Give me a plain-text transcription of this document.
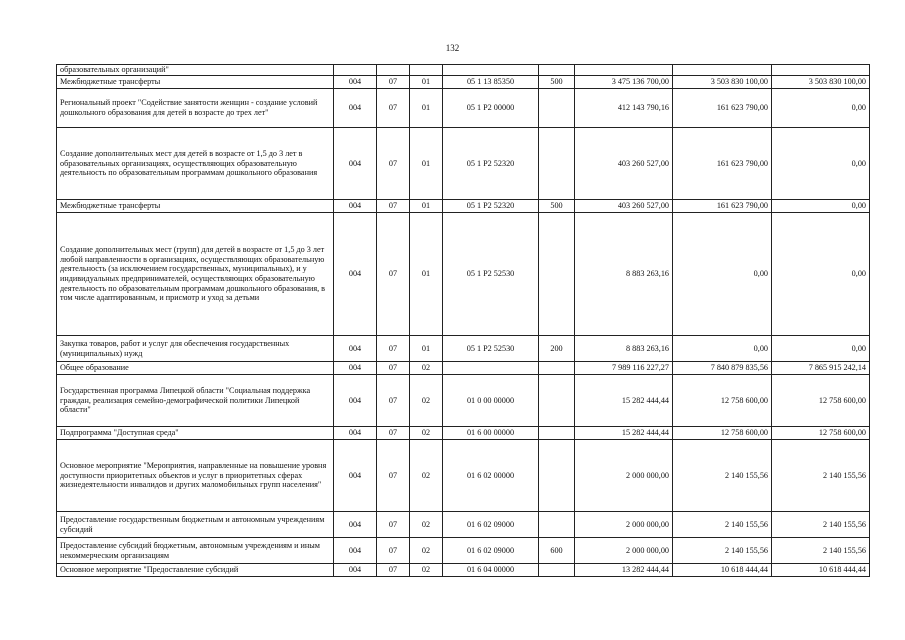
132
образовательных организаций"								
Межбюджетные трансферты	004	07	01	05 1 13 85350	500	3 475 136 700,00	3 503 830 100,00	3 503 830 100,00
Региональный проект "Содействие занятости женщин - создание условий дошкольного образования для детей в возрасте до трех лет"	004	07	01	05 1 P2 00000		412 143 790,16	161 623 790,00	0,00
Создание дополнительных мест для детей в возрасте от 1,5 до 3 лет в образовательных организациях, осуществляющих образовательную деятельность по образовательным программам дошкольного образования	004	07	01	05 1 P2 52320		403 260 527,00	161 623 790,00	0,00
Межбюджетные трансферты	004	07	01	05 1 P2 52320	500	403 260 527,00	161 623 790,00	0,00
Создание дополнительных мест (групп) для детей в возрасте от 1,5 до 3 лет любой направленности в организациях, осуществляющих образовательную деятельность (за исключением государственных, муниципальных), и у индивидуальных предпринимателей, осуществляющих образовательную деятельность по образовательным программам дошкольного образования, в том числе адаптированным, и присмотр и уход за детьми	004	07	01	05 1 P2 52530		8 883 263,16	0,00	0,00
Закупка товаров, работ и услуг для обеспечения государственных (муниципальных) нужд	004	07	01	05 1 P2 52530	200	8 883 263,16	0,00	0,00
Общее образование	004	07	02			7 989 116 227,27	7 840 879 835,56	7 865 915 242,14
Государственная программа Липецкой области "Социальная поддержка граждан, реализация семейно-демографической политики Липецкой области"	004	07	02	01 0 00 00000		15 282 444,44	12 758 600,00	12 758 600,00
Подпрограмма "Доступная среда"	004	07	02	01 6 00 00000		15 282 444,44	12 758 600,00	12 758 600,00
Основное мероприятие "Мероприятия, направленные на повышение уровня доступности приоритетных объектов и услуг в приоритетных сферах жизнедеятельности инвалидов и других маломобильных групп населения"	004	07	02	01 6 02 00000		2 000 000,00	2 140 155,56	2 140 155,56
Предоставление государственным бюджетным и автономным учреждениям субсидий	004	07	02	01 6 02 09000		2 000 000,00	2 140 155,56	2 140 155,56
Предоставление субсидий бюджетным, автономным учреждениям и иным некоммерческим организациям	004	07	02	01 6 02 09000	600	2 000 000,00	2 140 155,56	2 140 155,56
Основное мероприятие "Предоставление субсидий	004	07	02	01 6 04 00000		13 282 444,44	10 618 444,44	10 618 444,44
